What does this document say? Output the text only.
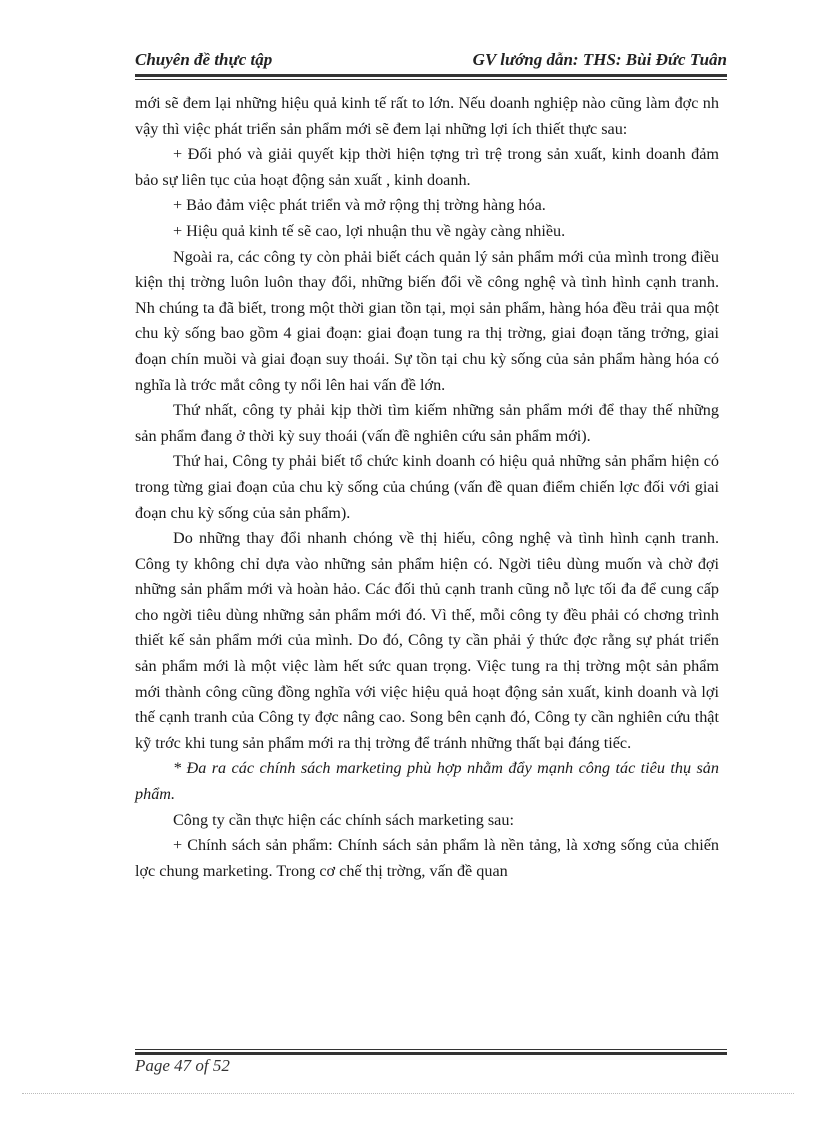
Chuyên đề thực tập	GV lướng dẫn: THS: Bùi Đức Tuân

mới sẽ đem lại những hiệu quả kinh tế rất to lớn. Nếu doanh nghiệp nào cũng làm đợc nh vậy thì việc phát triển sản phẩm mới sẽ đem lại những lợi ích thiết thực sau:

+ Đối phó và giải quyết kịp thời hiện tợng trì trệ trong sản xuất, kinh doanh đảm bảo sự liên tục của hoạt động sản xuất , kinh doanh.

+ Bảo đảm việc phát triển và mở rộng thị trờng hàng hóa.

+ Hiệu quả kinh tế sẽ cao, lợi nhuận thu về ngày càng nhiều.

Ngoài ra, các công ty còn phải biết cách quản lý sản phẩm mới của mình trong điều kiện thị trờng luôn luôn thay đổi, những biến đổi về công nghệ và tình hình cạnh tranh. Nh chúng ta đã biết, trong một thời gian tồn tại, mọi sản phẩm, hàng hóa đều trải qua một chu kỳ sống bao gồm 4 giai đoạn: giai đoạn tung ra thị trờng, giai đoạn tăng trởng, giai đoạn chín muồi và giai đoạn suy thoái. Sự tồn tại chu kỳ sống của sản phẩm hàng hóa có nghĩa là trớc mắt công ty nổi lên hai vấn đề lớn.

Thứ nhất, công ty phải kịp thời tìm kiếm những sản phẩm mới để thay thế những sản phẩm đang ở thời kỳ suy thoái (vấn đề nghiên cứu sản phẩm mới).

Thứ hai, Công ty phải biết tổ chức kinh doanh có hiệu quả những sản phẩm hiện có trong từng giai đoạn của chu kỳ sống của chúng (vấn đề quan điểm chiến lợc đối với giai đoạn chu kỳ sống của sản phẩm).

Do những thay đổi nhanh chóng về thị hiếu, công nghệ và tình hình cạnh tranh. Công ty không chỉ dựa vào những sản phẩm hiện có. Ngời tiêu dùng muốn và chờ đợi những sản phẩm mới và hoàn hảo. Các đối thủ cạnh tranh cũng nỗ lực tối đa để cung cấp cho ngời tiêu dùng những sản phẩm mới đó. Vì thế, mỗi công ty đều phải có chơng trình thiết kế sản phẩm mới của mình. Do đó, Công ty cần phải ý thức đợc rằng sự phát triển sản phẩm mới là một việc làm hết sức quan trọng. Việc tung ra thị trờng một sản phẩm mới thành công cũng đồng nghĩa với việc hiệu quả hoạt động sản xuất, kinh doanh và lợi thế cạnh tranh của Công ty đợc nâng cao. Song bên cạnh đó, Công ty cần nghiên cứu thật kỹ trớc khi tung sản phẩm mới ra thị trờng để tránh những thất bại đáng tiếc.

* Đa ra các chính sách marketing phù hợp nhằm đẩy mạnh công tác tiêu thụ sản phẩm.

Công ty cần thực hiện các chính sách marketing sau:

+ Chính sách sản phẩm: Chính sách sản phẩm là nền tảng, là xơng sống của chiến lợc chung marketing. Trong cơ chế thị trờng, vấn đề quan

Page 47 of 52
